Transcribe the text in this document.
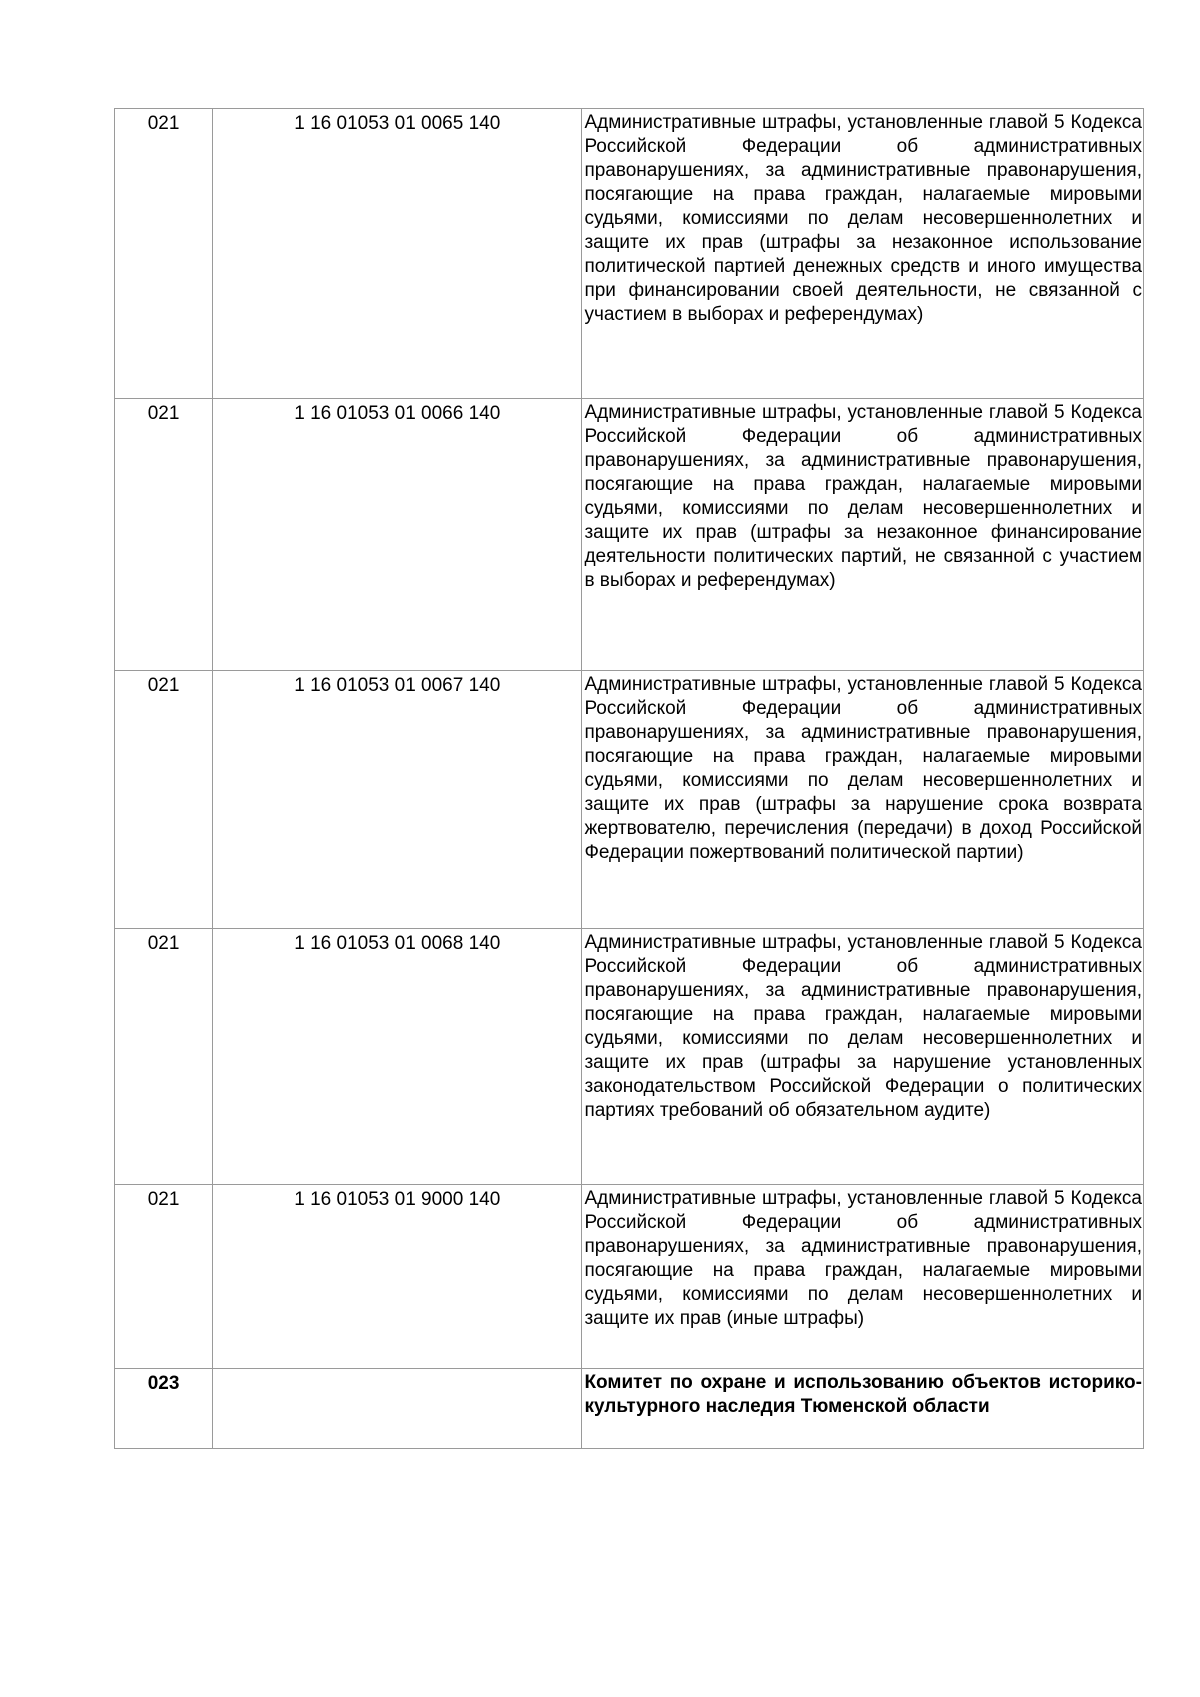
021	1 16 01053 01 0065 140	Административные штрафы, установленные главой 5 Кодекса Российской Федерации об административных правонарушениях, за административные правонарушения, посягающие на права граждан, налагаемые мировыми судьями, комиссиями по делам несовершеннолетних и защите их прав (штрафы за незаконное использование политической партией денежных средств и иного имущества при финансировании своей деятельности, не связанной с участием в выборах и референдумах)
021	1 16 01053 01 0066 140	Административные штрафы, установленные главой 5 Кодекса Российской Федерации об административных правонарушениях, за административные правонарушения, посягающие на права граждан, налагаемые мировыми судьями, комиссиями по делам несовершеннолетних и защите их прав (штрафы за незаконное финансирование деятельности политических партий, не связанной с участием в выборах и референдумах)
021	1 16 01053 01 0067 140	Административные штрафы, установленные главой 5 Кодекса Российской Федерации об административных правонарушениях, за административные правонарушения, посягающие на права граждан, налагаемые мировыми судьями, комиссиями по делам несовершеннолетних и защите их прав (штрафы за нарушение срока возврата жертвователю, перечисления (передачи) в доход Российской Федерации пожертвований политической партии)
021	1 16 01053 01 0068 140	Административные штрафы, установленные главой 5 Кодекса Российской Федерации об административных правонарушениях, за административные правонарушения, посягающие на права граждан, налагаемые мировыми судьями, комиссиями по делам несовершеннолетних и защите их прав (штрафы за нарушение установленных законодательством Российской Федерации о политических партиях требований об обязательном аудите)
021	1 16 01053 01 9000 140	Административные штрафы, установленные главой 5 Кодекса Российской Федерации об административных правонарушениях, за административные правонарушения, посягающие на права граждан, налагаемые мировыми судьями, комиссиями по делам несовершеннолетних и защите их прав (иные штрафы)
023		Комитет по охране и использованию объектов историко-культурного наследия Тюменской области
